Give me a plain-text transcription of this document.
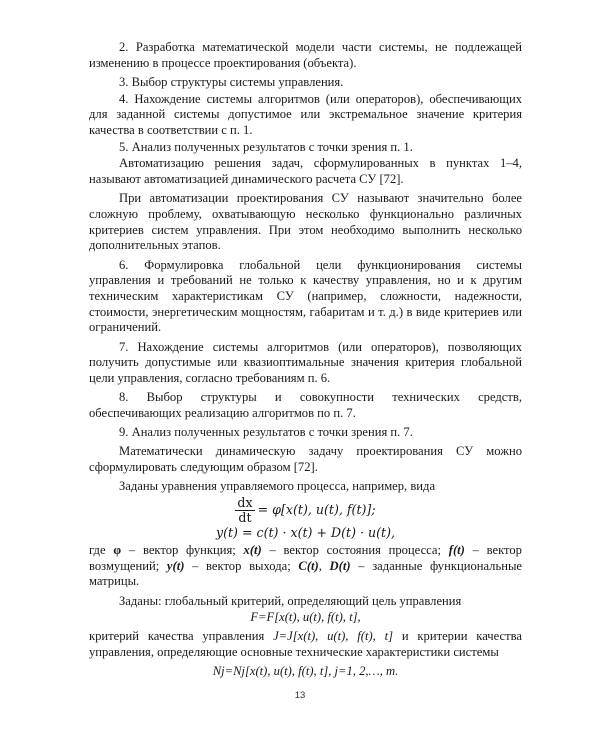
2. Разработка математической модели части системы, не подлежащей изменению в процессе проектирования (объекта).

3. Выбор структуры системы управления.

4. Нахождение системы алгоритмов (или операторов), обеспечивающих для заданной системы допустимое или экстремальное значение критерия качества в соответствии с п. 1.

5. Анализ полученных результатов с точки зрения п. 1.

Автоматизацию решения задач, сформулированных в пунктах 1–4, называют автоматизацией динамического расчета СУ [72].

При автоматизации проектирования СУ называют значительно более сложную проблему, охватывающую несколько функционально различных критериев систем управления. При этом необходимо выполнить несколько дополнительных этапов.

6. Формулировка глобальной цели функционирования системы управления и требований не только к качеству управления, но и к другим техническим характеристикам СУ (например, сложности, надежности, стоимости, энергетическим мощностям, габаритам и т. д.) в виде критериев или ограничений.

7. Нахождение системы алгоритмов (или операторов), позволяющих получить допустимые или квазиоптимальные значения критерия глобальной цели управления, согласно требованиям п. 6.

8. Выбор структуры и совокупности технических средств, обеспечивающих реализацию алгоритмов по п. 7.

9. Анализ полученных результатов с точки зрения п. 7.

Математически динамическую задачу проектирования СУ можно сформулировать следующим образом [72].

Заданы уравнения управляемого процесса, например, вида

$\frac{dx}{dt} = \varphi[x(t)$, u(t), f(t)];
y(t) = c(t) · x(t) + D(t) · u(t),

где φ – вектор функция; x(t) – вектор состояния процесса; f(t) – вектор возмущений; y(t) – вектор выхода; C(t), D(t) – заданные функциональные матрицы.

Заданы: глобальный критерий, определяющий цель управления

F=F[x(t), u(t), f(t), t],

критерий качества управления J=J[x(t), u(t), f(t), t] и критерии качества управления, определяющие основные технические характеристики системы

Nj=Nj[x(t), u(t), f(t), t], j=1, 2,…, m.
13
